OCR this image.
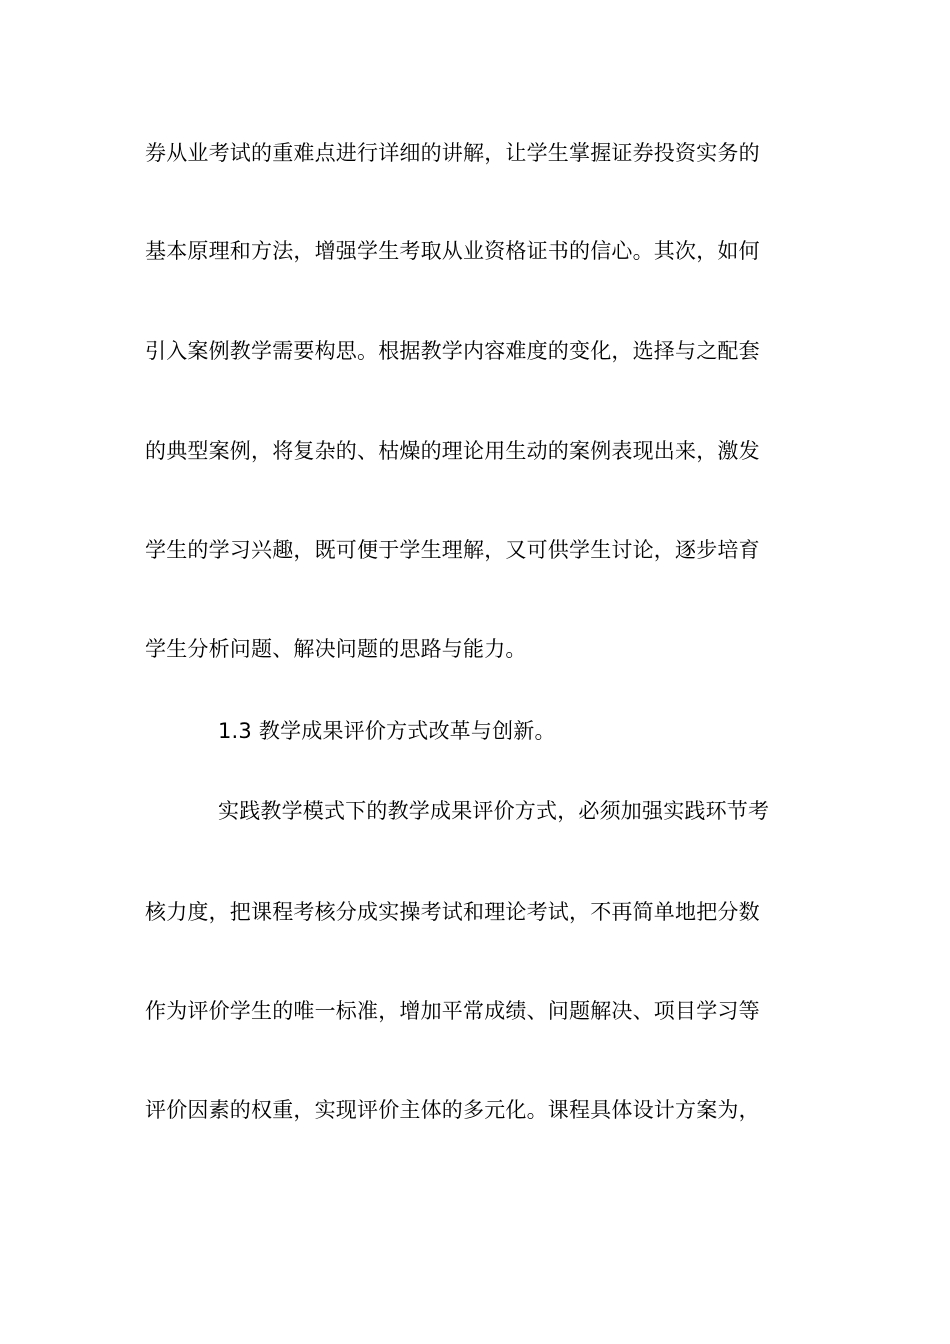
券从业考试的重难点进行详细的讲解，让学生掌握证券投资实务的
基本原理和方法，增强学生考取从业资格证书的信心。其次，如何
引入案例教学需要构思。根据教学内容难度的变化，选择与之配套
的典型案例，将复杂的、枯燥的理论用生动的案例表现出来，激发
学生的学习兴趣，既可便于学生理解，又可供学生讨论，逐步培育
学生分析问题、解决问题的思路与能力。
1.3 教学成果评价方式改革与创新。
实践教学模式下的教学成果评价方式，必须加强实践环节考
核力度，把课程考核分成实操考试和理论考试，不再简单地把分数
作为评价学生的唯一标准，增加平常成绩、问题解决、项目学习等
评价因素的权重，实现评价主体的多元化。课程具体设计方案为，
